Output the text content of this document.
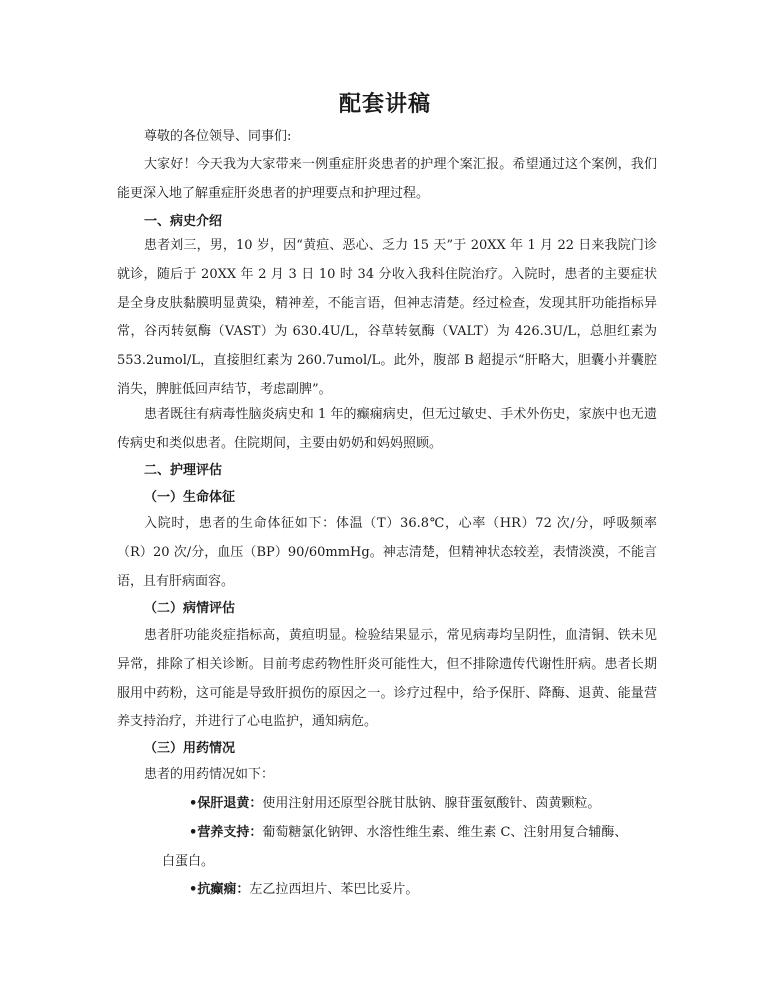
配套讲稿

尊敬的各位领导、同事们:

大家好！今天我为大家带来一例重症肝炎患者的护理个案汇报。希望通过这个案例，我们能更深入地了解重症肝炎患者的护理要点和护理过程。

一、病史介绍

患者刘三，男，10 岁，因“黄疸、恶心、乏力 15 天”于 20XX 年 1 月 22 日来我院门诊就诊，随后于 20XX 年 2 月 3 日 10 时 34 分收入我科住院治疗。入院时，患者的主要症状是全身皮肤黏膜明显黄染，精神差，不能言语，但神志清楚。经过检查，发现其肝功能指标异常，谷丙转氨酶（VAST）为 630.4U/L，谷草转氨酶（VALT）为 426.3U/L，总胆红素为 553.2umol/L，直接胆红素为 260.7umol/L。此外，腹部 B 超提示“肝略大，胆囊小并囊腔消失，脾脏低回声结节，考虑副脾”。

患者既往有病毒性脑炎病史和 1 年的癫痫病史，但无过敏史、手术外伤史，家族中也无遗传病史和类似患者。住院期间，主要由奶奶和妈妈照顾。

二、护理评估

（一）生命体征

入院时，患者的生命体征如下：体温（T）36.8℃，心率（HR）72 次/分，呼吸频率（R）20 次/分，血压（BP）90/60mmHg。神志清楚，但精神状态较差，表情淡漠，不能言语，且有肝病面容。

（二）病情评估

患者肝功能炎症指标高，黄疸明显。检验结果显示，常见病毒均呈阴性，血清铜、铁未见异常，排除了相关诊断。目前考虑药物性肝炎可能性大，但不排除遗传代谢性肝病。患者长期服用中药粉，这可能是导致肝损伤的原因之一。诊疗过程中，给予保肝、降酶、退黄、能量营养支持治疗，并进行了心电监护，通知病危。

（三）用药情况

患者的用药情况如下：

•保肝退黄：使用注射用还原型谷胱甘肽钠、腺苷蛋氨酸针、茵黄颗粒。
•营养支持：葡萄糖氯化钠钾、水溶性维生素、维生素 C、注射用复合辅酶、
白蛋白。
•抗癫痫：左乙拉西坦片、苯巴比妥片。
